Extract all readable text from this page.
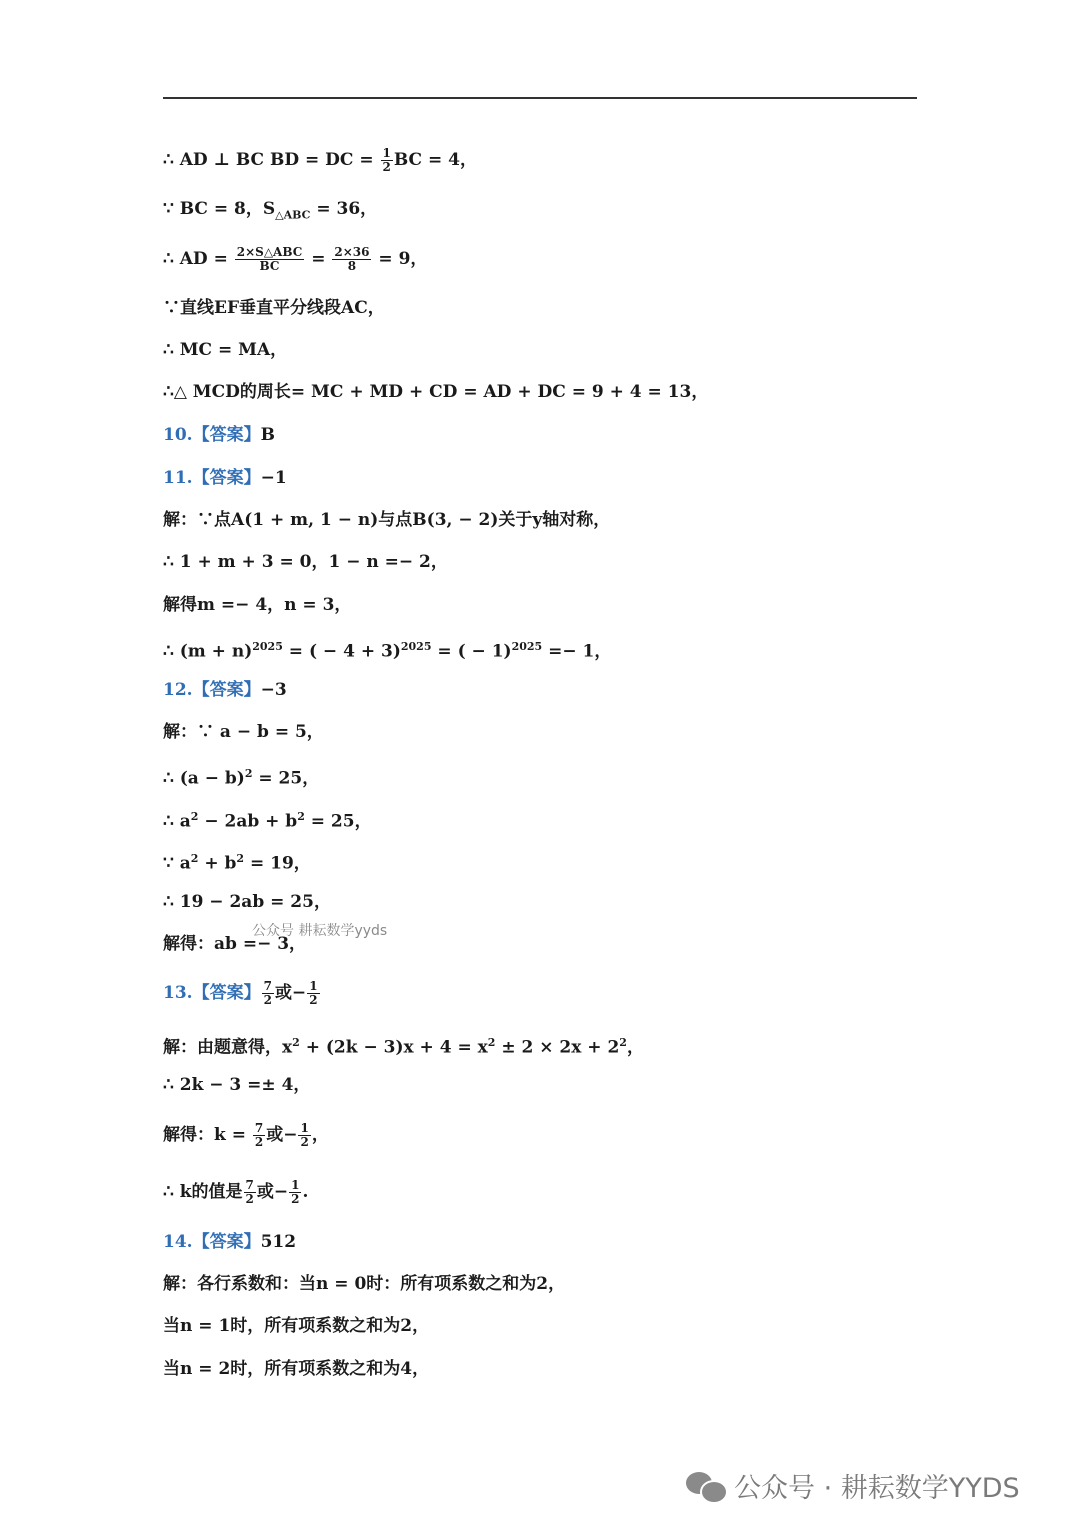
∴ AD ⊥ BC BD = DC = $\frac{1}{2}$ BC = 4，
∵ BC = 8，$S_{\triangle ABC} = 36$，
∴ AD = $\frac{\text{2×S△ABC}}{BC} = \frac{2\times 36}{8} = 9$，
∵直线EF垂直平分线段AC，
∴ MC = MA，
∴△ MCD的周长= MC + MD + CD = AD + DC = 9 + 4 = 13，
10.【答案】B
11.【答案】−1
解：∵点A(1 + m, 1 − n)与点B(3, − 2)关于y轴对称，
∴ 1 + m + 3 = 0，1 − n =− 2，
解得m =− 4，n = 3，
∴ $(m + n)^{2025}$ = ( − 4 + 3)$^{2025}$ = ( − 1)$^{2025}$ =− 1，
12.【答案】−3
解：∵ a − b = 5，
∴ $(a - b)^2 = 25$，
∴ $a^2 - 2ab + b^2 = 25$，
∵ $a^2 + b^2 = 19$，
∴ 19 − 2ab = 25，
解得：ab =− 3，
公众号 耕耘数学yyds
13.【答案】 $\frac{7}{2}$ 或− $\frac{1}{2}$
解：由题意得，$x^2 + (2k - 3)x + 4 = x^2 \pm 2 \times 2x + 2^2$，
∴ 2k − 3 =± 4，
解得：$k = \frac{7}{2}$ 或− $\frac{1}{2}$ ，
∴ k的值是 $\frac{7}{2}$ 或− $\frac{1}{2}$ .
14.【答案】512
解：各行系数和：当n = 0时：所有项系数之和为2，
当n = 1时，所有项系数之和为2，
当n = 2时，所有项系数之和为4，
公众号 · 耕耘数学YYDS
